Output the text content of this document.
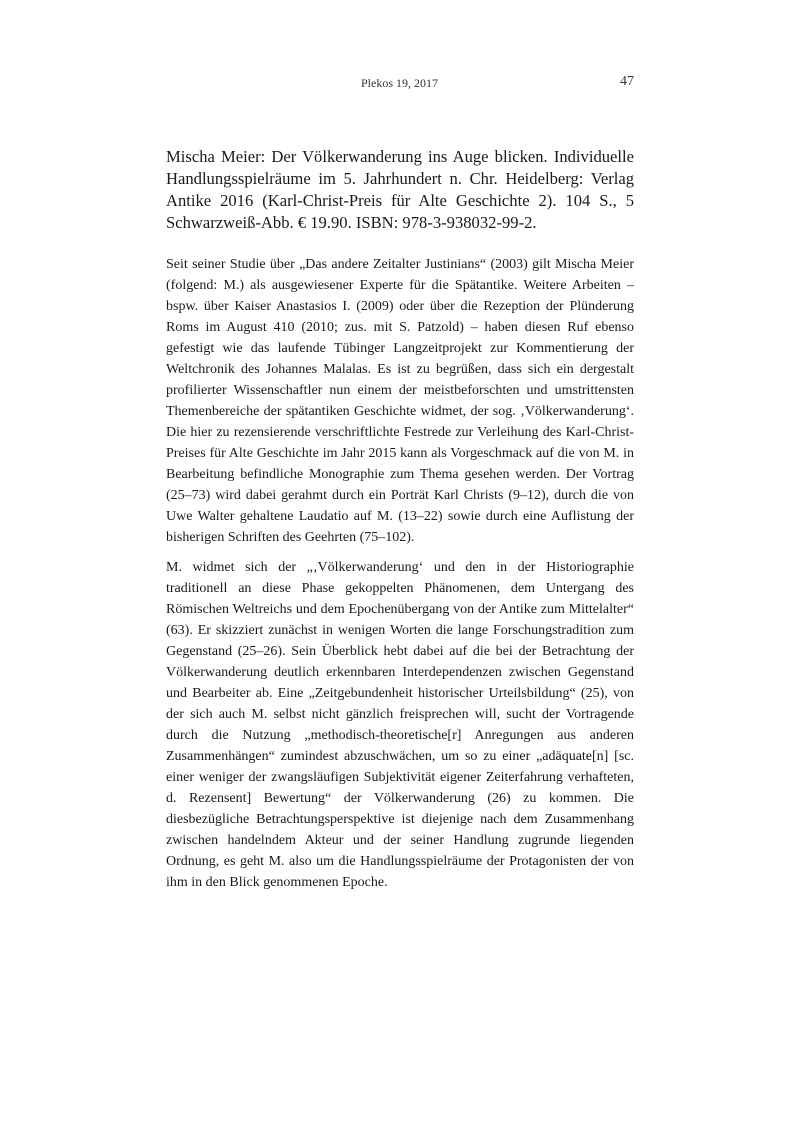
Plekos 19, 2017	47

Mischa Meier: Der Völkerwanderung ins Auge blicken. Individuelle Handlungsspielräume im 5. Jahrhundert n. Chr. Heidelberg: Verlag Antike 2016 (Karl-Christ-Preis für Alte Geschichte 2). 104 S., 5 Schwarzweiß-Abb. € 19.90. ISBN: 978-3-938032-99-2.

Seit seiner Studie über „Das andere Zeitalter Justinians“ (2003) gilt Mischa Meier (folgend: M.) als ausgewiesener Experte für die Spätantike. Weitere Arbeiten – bspw. über Kaiser Anastasios I. (2009) oder über die Rezeption der Plünderung Roms im August 410 (2010; zus. mit S. Patzold) – haben diesen Ruf ebenso gefestigt wie das laufende Tübinger Langzeitprojekt zur Kommentierung der Weltchronik des Johannes Malalas. Es ist zu begrüßen, dass sich ein dergestalt profilierter Wissenschaftler nun einem der meistbeforschten und umstrittensten Themenbereiche der spätantiken Geschichte widmet, der sog. ‚Völkerwanderung‘. Die hier zu rezensierende verschriftlichte Festrede zur Verleihung des Karl-Christ-Preises für Alte Geschichte im Jahr 2015 kann als Vorgeschmack auf die von M. in Bearbeitung befindliche Monographie zum Thema gesehen werden. Der Vortrag (25–73) wird dabei gerahmt durch ein Porträt Karl Christs (9–12), durch die von Uwe Walter gehaltene Laudatio auf M. (13–22) sowie durch eine Auflistung der bisherigen Schriften des Geehrten (75–102).

M. widmet sich der „‚Völkerwanderung‘ und den in der Historiographie traditionell an diese Phase gekoppelten Phänomenen, dem Untergang des Römischen Weltreichs und dem Epochenübergang von der Antike zum Mittelalter“ (63). Er skizziert zunächst in wenigen Worten die lange Forschungstradition zum Gegenstand (25–26). Sein Überblick hebt dabei auf die bei der Betrachtung der Völkerwanderung deutlich erkennbaren Interdependenzen zwischen Gegenstand und Bearbeiter ab. Eine „Zeitgebundenheit historischer Urteilsbildung“ (25), von der sich auch M. selbst nicht gänzlich freisprechen will, sucht der Vortragende durch die Nutzung „methodisch-theoretische[r] Anregungen aus anderen Zusammenhängen“ zumindest abzuschwächen, um so zu einer „adäquate[n] [sc. einer weniger der zwangsläufigen Subjektivität eigener Zeiterfahrung verhafteten, d. Rezensent] Bewertung“ der Völkerwanderung (26) zu kommen. Die diesbezügliche Betrachtungsperspektive ist diejenige nach dem Zusammenhang zwischen handelndem Akteur und der seiner Handlung zugrunde liegenden Ordnung, es geht M. also um die Handlungsspielräume der Protagonisten der von ihm in den Blick genommenen Epoche.
